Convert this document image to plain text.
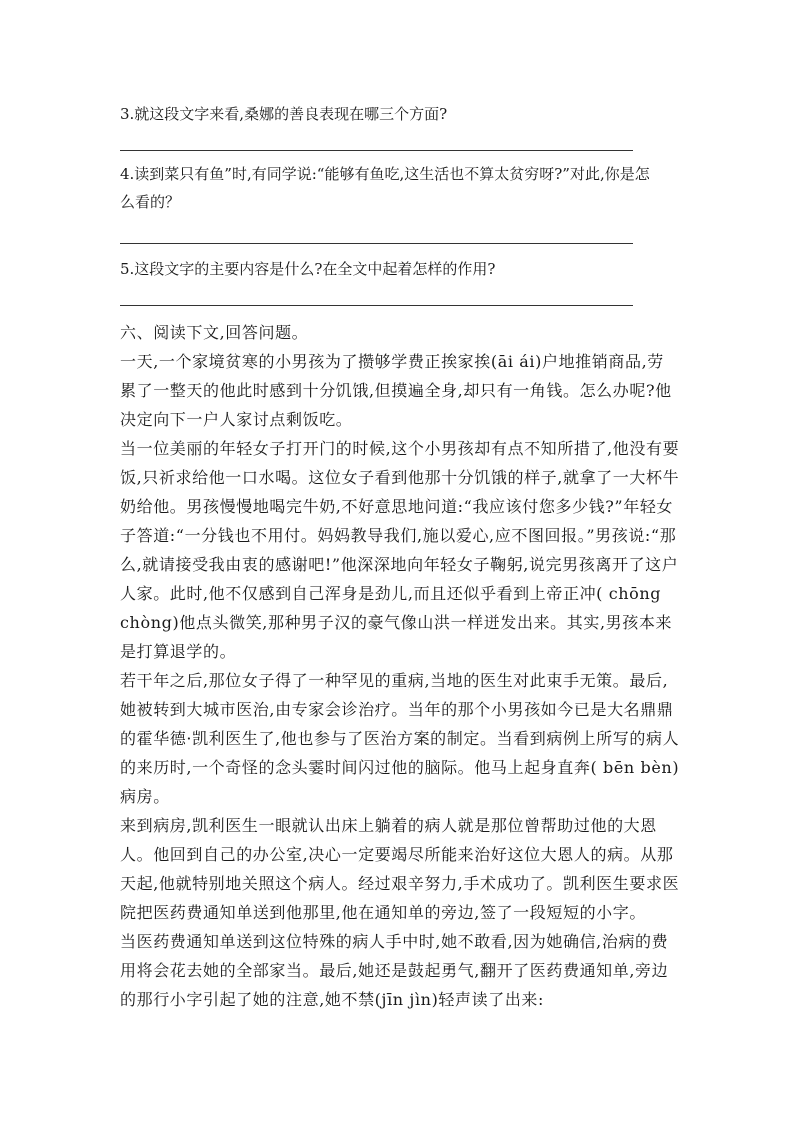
3.就这段文字来看,桑娜的善良表现在哪三个方面?
4.读到菜只有鱼”时,有同学说:“能够有鱼吃,这生活也不算太贫穷呀?”对此,你是怎么看的？
5.这段文字的主要内容是什么?在全文中起着怎样的作用?

六、阅读下文,回答问题。

一天,一个家境贫寒的小男孩为了攒够学费正挨家挨(āi ái)户地推销商品,劳累了一整天的他此时感到十分饥饿,但摸遍全身,却只有一角钱。怎么办呢?他决定向下一户人家讨点剩饭吃。

当一位美丽的年轻女子打开门的时候,这个小男孩却有点不知所措了,他没有要饭,只祈求给他一口水喝。这位女子看到他那十分饥饿的样子,就拿了一大杯牛奶给他。男孩慢慢地喝完牛奶,不好意思地问道:“我应该付您多少钱?”年轻女子答道:“一分钱也不用付。妈妈教导我们,施以爱心,应不图回报。”男孩说:“那么,就请接受我由衷的感谢吧!”他深深地向年轻女子鞠躬,说完男孩离开了这户人家。此时,他不仅感到自己浑身是劲儿,而且还似乎看到上帝正冲( chōng chòng)他点头微笑,那种男子汉的豪气像山洪一样迸发出来。其实,男孩本来是打算退学的。

若干年之后,那位女子得了一种罕见的重病,当地的医生对此束手无策。最后,她被转到大城市医治,由专家会诊治疗。当年的那个小男孩如今已是大名鼎鼎的霍华德·凯利医生了,他也参与了医治方案的制定。当看到病例上所写的病人的来历时,一个奇怪的念头霎时间闪过他的脑际。他马上起身直奔( bēn bèn)病房。

来到病房,凯利医生一眼就认出床上躺着的病人就是那位曾帮助过他的大恩人。他回到自己的办公室,决心一定要竭尽所能来治好这位大恩人的病。从那天起,他就特别地关照这个病人。经过艰辛努力,手术成功了。凯利医生要求医院把医药费通知单送到他那里,他在通知单的旁边,签了一段短短的小字。

当医药费通知单送到这位特殊的病人手中时,她不敢看,因为她确信,治病的费用将会花去她的全部家当。最后,她还是鼓起勇气,翻开了医药费通知单,旁边的那行小字引起了她的注意,她不禁(jīn jìn)轻声读了出来:
